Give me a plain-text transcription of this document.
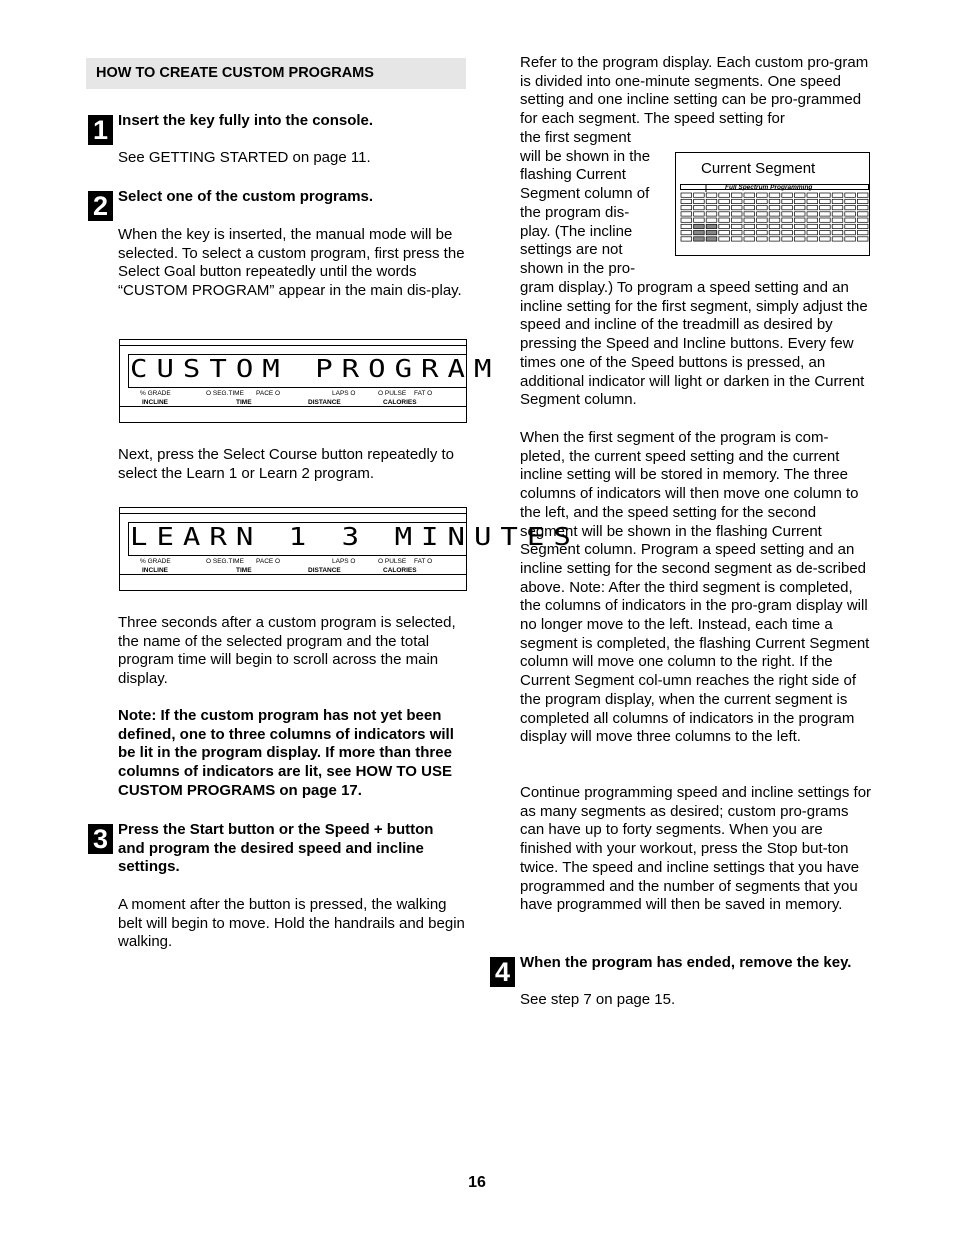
HOW TO CREATE CUSTOM PROGRAMS
1 Insert the key fully into the console.

See GETTING STARTED on page 11.

2 Select one of the custom programs.

When the key is inserted, the manual mode will be selected. To select a custom program, first press the Select Goal button repeatedly until the words “CUSTOM PROGRAM” appear in the main dis-play.

CUSTOM PROGRAM
% GRADE	O SEG.TIME PACE O	LAPS O	O PULSE FAT O
INCLINE	TIME	DISTANCE	CALORIES

Next, press the Select Course button repeatedly to select the Learn 1 or Learn 2 program.

LEARN 1 3 MINUTES
% GRADE	O SEG.TIME PACE O	LAPS O	O PULSE FAT O
INCLINE	TIME	DISTANCE	CALORIES

Three seconds after a custom program is selected, the name of the selected program and the total program time will begin to scroll across the main display.

Note: If the custom program has not yet been defined, one to three columns of indicators will be lit in the program display. If more than three columns of indicators are lit, see HOW TO USE CUSTOM PROGRAMS on page 17.

3 Press the Start button or the Speed + button and program the desired speed and incline settings.

A moment after the button is pressed, the walking belt will begin to move. Hold the handrails and begin walking.

Refer to the program display. Each custom pro-gram is divided into one-minute segments. One speed setting and one incline setting can be pro-grammed for each segment. The speed setting for

the first segment

will be shown in the

flashing Current

Segment column of

the program dis-

play. (The incline

settings are not

shown in the pro-

Current Segment
Full Spectrum Programming

gram display.) To program a speed setting and an incline setting for the first segment, simply adjust the speed and incline of the treadmill as desired by pressing the Speed and Incline buttons. Every few times one of the Speed buttons is pressed, an additional indicator will light or darken in the Current Segment column.

When the first segment of the program is com-pleted, the current speed setting and the current incline setting will be stored in memory. The three columns of indicators will then move one column to the left, and the speed setting for the second segment will be shown in the flashing Current Segment column. Program a speed setting and an incline setting for the second segment as de-scribed above. Note: After the third segment is completed, the columns of indicators in the pro-gram display will no longer move to the left. Instead, each time a segment is completed, the flashing Current Segment column will move one column to the right. If the Current Segment col-umn reaches the right side of the program display, when the current segment is completed all columns of indicators in the program display will move three columns to the left.

Continue programming speed and incline settings for as many segments as desired; custom pro-grams can have up to forty segments. When you are finished with your workout, press the Stop but-ton twice. The speed and incline settings that you have programmed and the number of segments that you have programmed will then be saved in memory.

4 When the program has ended, remove the key.

See step 7 on page 15.

16
